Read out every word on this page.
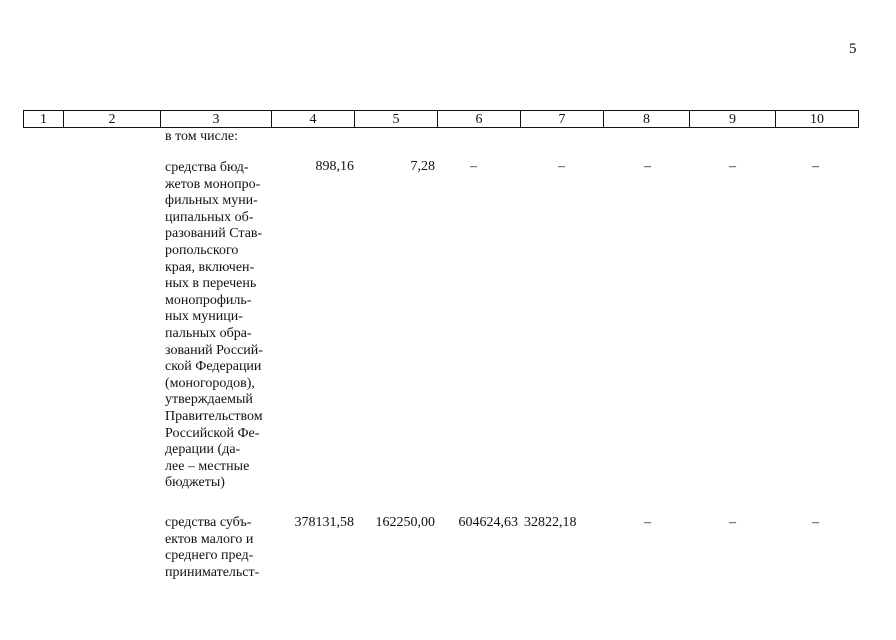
5
1	2	3	4	5	6	7	8	9	10
в том числе:
средства бюд-
жетов монопро-
фильных муни-
ципальных об-
разований Став-
ропольского
края, включен-
ных в перечень
монопрофиль-
ных муници-
пальных обра-
зований Россий-
ской Федерации
(моногородов),
утверждаемый
Правительством
Российской Фе-
дерации (да-
лее – местные
бюджеты)
898,16	7,28	–	–	–	–	–
средства субъ-
ектов малого и
среднего пред-
принимательст-
378131,58	162250,00	604624,63 32822,18	–	–	–
